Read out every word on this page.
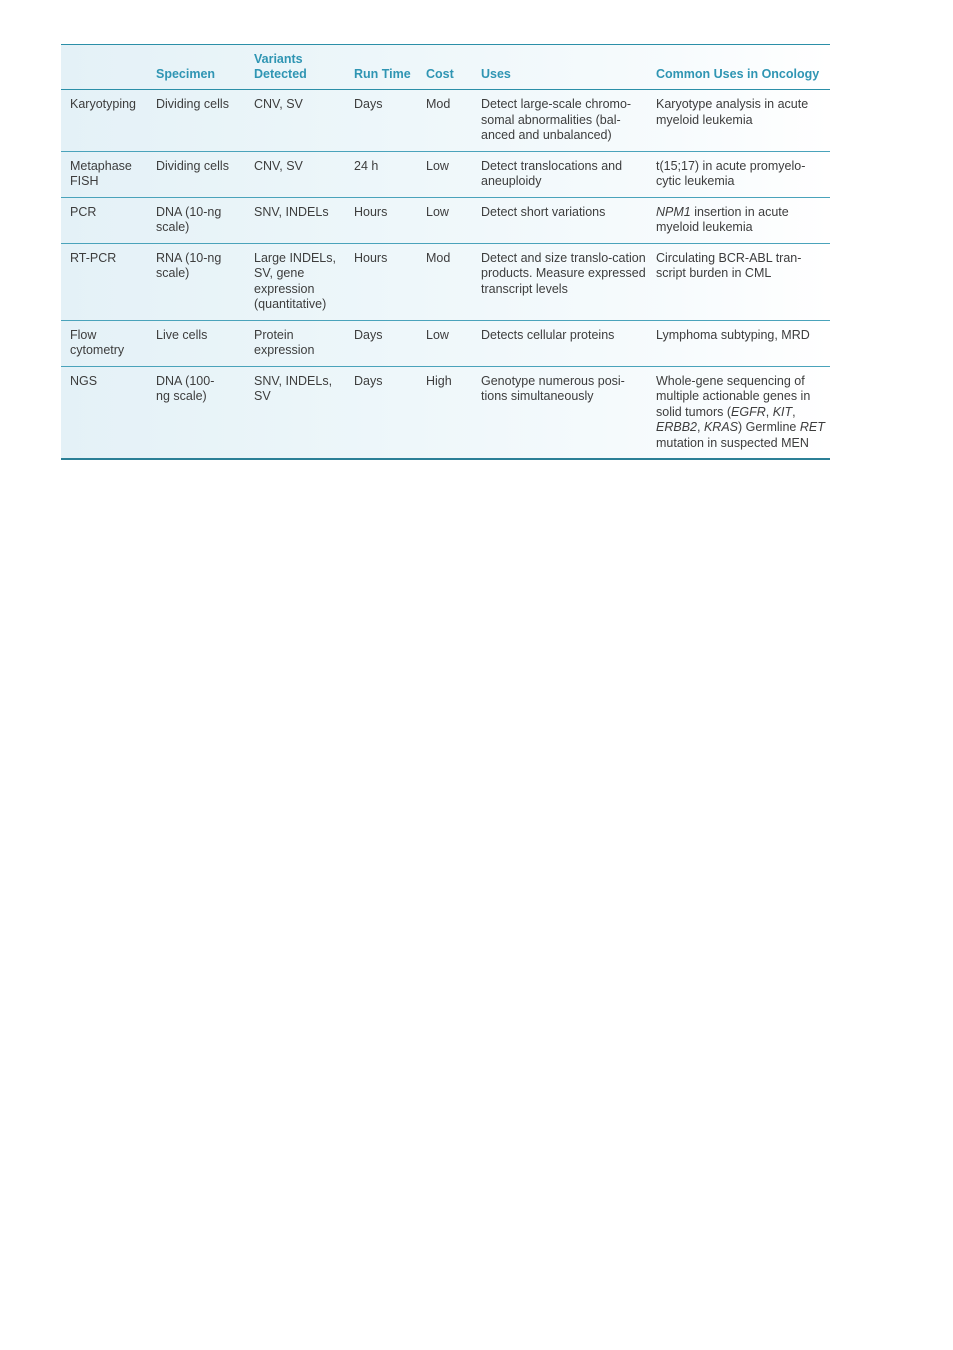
	Specimen	Variants Detected	Run Time	Cost	Uses	Common Uses in Oncology
Karyotyping	Dividing cells	CNV, SV	Days	Mod	Detect large-scale chromo-somal abnormalities (bal-anced and unbalanced)	Karyotype analysis in acute myeloid leukemia
Metaphase FISH	Dividing cells	CNV, SV	24 h	Low	Detect translocations and aneuploidy	t(15;17) in acute promyelo-cytic leukemia
PCR	DNA (10-ng scale)	SNV, INDELs	Hours	Low	Detect short variations	NPM1 insertion in acute myeloid leukemia
RT-PCR	RNA (10-ng scale)	Large INDELs, SV, gene expression (quantitative)	Hours	Mod	Detect and size translo-cation products. Measure expressed transcript levels	Circulating BCR-ABL tran-script burden in CML
Flow cytometry	Live cells	Protein expression	Days	Low	Detects cellular proteins	Lymphoma subtyping, MRD
NGS	DNA (100- ng scale)	SNV, INDELs, SV	Days	High	Genotype numerous posi-tions simultaneously	Whole-gene sequencing of multiple actionable genes in solid tumors (EGFR, KIT, ERBB2, KRAS) Germline RET mutation in suspected MEN
